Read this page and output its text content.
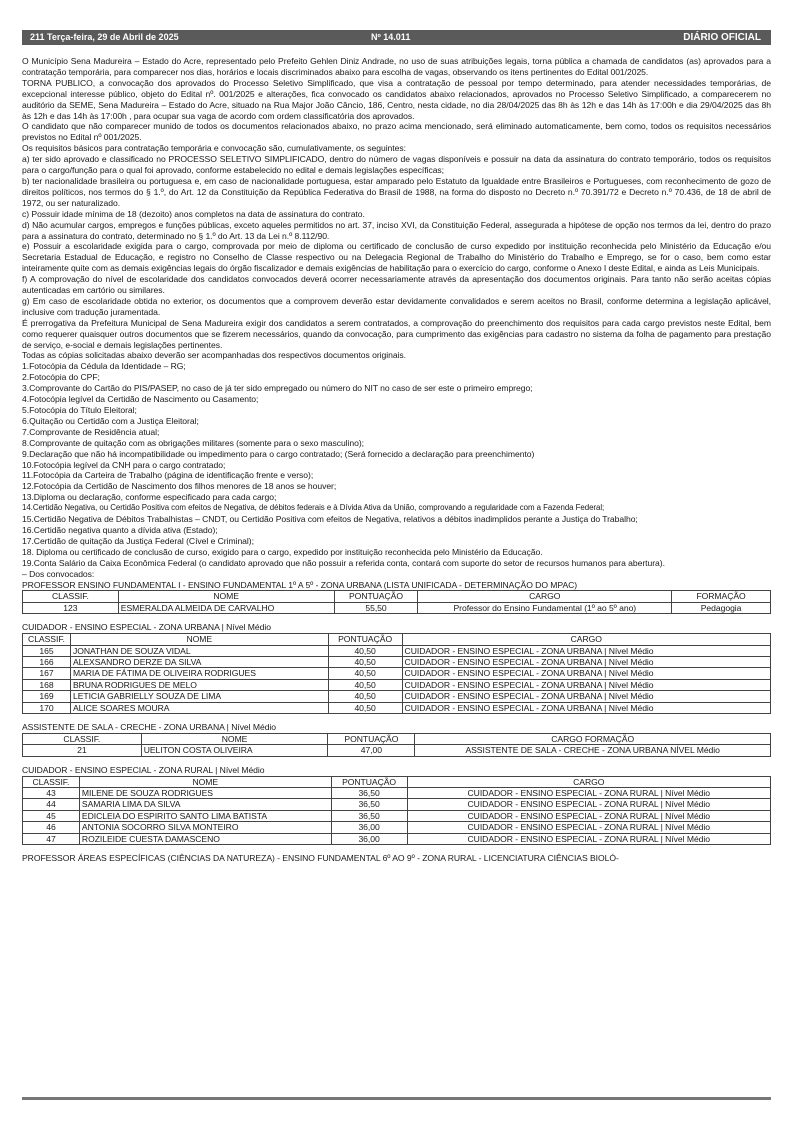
211 Terça-feira, 29 de Abril de 2025	Nº 14.011	DIÁRIO OFICIAL

O Município Sena Madureira – Estado do Acre, representado pelo Prefeito Gehlen Diniz Andrade, no uso de suas atribuições legais, torna pública a chamada de candidatos (as) aprovados para a contratação temporária, para comparecer nos dias, horários e locais discriminados abaixo para escolha de vagas, observando os itens pertinentes do Edital 001/2025.

TORNA PUBLICO, a convocação dos aprovados do Processo Seletivo Simplificado, que visa a contratação de pessoal por tempo determinado, para atender necessidades temporárias, de excepcional interesse público, objeto do Edital nº. 001/2025 e alterações, fica convocado os candidatos abaixo relacionados, aprovados no Processo Seletivo Simplificado, a comparecerem no auditório da SEME, Sena Madureira – Estado do Acre, situado na Rua Major João Câncio, 186, Centro, nesta cidade, no dia 28/04/2025 das 8h às 12h e das 14h às 17:00h e dia 29/04/2025 das 8h às 12h e das 14h às 17:00h , para ocupar sua vaga de acordo com ordem classificatória dos aprovados.

O candidato que não comparecer munido de todos os documentos relacionados abaixo, no prazo acima mencionado, será eliminado automaticamente, bem como, todos os requisitos necessários previstos no Edital nº 001/2025.

Os requisitos básicos para contratação temporária e convocação são, cumulativamente, os seguintes:

a) ter sido aprovado e classificado no PROCESSO SELETIVO SIMPLIFICADO, dentro do número de vagas disponíveis e possuir na data da assinatura do contrato temporário, todos os requisitos para o cargo/função para o qual foi aprovado, conforme estabelecido no edital e demais legislações específicas;

b) ter nacionalidade brasileira ou portuguesa e, em caso de nacionalidade portuguesa, estar amparado pelo Estatuto da Igualdade entre Brasileiros e Portugueses, com reconhecimento de gozo de direitos políticos, nos termos do § 1.º, do Art. 12 da Constituição da República Federativa do Brasil de 1988, na forma do disposto no Decreto n.º 70.391/72 e Decreto n.º 70.436, de 18 de abril de 1972, ou ser naturalizado.

c) Possuir idade mínima de 18 (dezoito) anos completos na data de assinatura do contrato.

d) Não acumular cargos, empregos e funções públicas, exceto aqueles permitidos no art. 37, inciso XVI, da Constituição Federal, assegurada a hipótese de opção nos termos da lei, dentro do prazo para a assinatura do contrato, determinado no § 1.º do Art. 13 da Lei n.º 8.112/90.

e) Possuir a escolaridade exigida para o cargo, comprovada por meio de diploma ou certificado de conclusão de curso expedido por instituição reconhecida pelo Ministério da Educação e/ou Secretaria Estadual de Educação, e registro no Conselho de Classe respectivo ou na Delegacia Regional de Trabalho do Ministério do Trabalho e Emprego, se for o caso, bem como estar inteiramente quite com as demais exigências legais do órgão fiscalizador e demais exigências de habilitação para o exercício do cargo, conforme o Anexo I deste Edital, e ainda as Leis Municipais.

f) A comprovação do nível de escolaridade dos candidatos convocados deverá ocorrer necessariamente através da apresentação dos documentos originais. Para tanto não serão aceitas cópias autenticadas em cartório ou similares.

g) Em caso de escolaridade obtida no exterior, os documentos que a comprovem deverão estar devidamente convalidados e serem aceitos no Brasil, conforme determina a legislação aplicável, inclusive com tradução juramentada.

É prerrogativa da Prefeitura Municipal de Sena Madureira exigir dos candidatos a serem contratados, a comprovação do preenchimento dos requisitos para cada cargo previstos neste Edital, bem como requerer quaisquer outros documentos que se fizerem necessários, quando da convocação, para cumprimento das exigências para cadastro no sistema da folha de pagamento para prestação de serviço, e-social e demais legislações pertinentes.

Todas as cópias solicitadas abaixo deverão ser acompanhadas dos respectivos documentos originais.

1.Fotocópia da Cédula da Identidade – RG;

2.Fotocópia do CPF;

3.Comprovante do Cartão do PIS/PASEP, no caso de já ter sido empregado ou número do NIT no caso de ser este o primeiro emprego;

4.Fotocópia legível da Certidão de Nascimento ou Casamento;

5.Fotocópia do Título Eleitoral;

6.Quitação ou Certidão com a Justiça Eleitoral;

7.Comprovante de Residência atual;

8.Comprovante de quitação com as obrigações militares (somente para o sexo masculino);

9.Declaração que não há incompatibilidade ou impedimento para o cargo contratado; (Será fornecido a declaração para preenchimento)

10.Fotocópia legível da CNH para o cargo contratado;

11.Fotocópia da Carteira de Trabalho (página de identificação frente e verso);

12.Fotocópia da Certidão de Nascimento dos filhos menores de 18 anos se houver;

13.Diploma ou declaração, conforme especificado para cada cargo;

14.Certidão Negativa, ou Certidão Positiva com efeitos de Negativa, de débitos federais e à Dívida Ativa da União, comprovando a regularidade com a Fazenda Federal;

15.Certidão Negativa de Débitos Trabalhistas – CNDT, ou Certidão Positiva com efeitos de Negativa, relativos a débitos inadimplidos perante a Justiça do Trabalho;

16.Certidão negativa quanto a dívida ativa (Estado);

17.Certidão de quitação da Justiça Federal (Cível e Criminal);

18. Diploma ou certificado de conclusão de curso, exigido para o cargo, expedido por instituição reconhecida pelo Ministério da Educação.

19.Conta Salário da Caixa Econômica Federal (o candidato aprovado que não possuir a referida conta, contará com suporte do setor de recursos humanos para abertura).

– Dos convocados:

PROFESSOR ENSINO FUNDAMENTAL I - ENSINO FUNDAMENTAL 1º A 5º - ZONA URBANA (LISTA UNIFICADA - DETERMINAÇÃO DO MPAC)
CLASSIF.	NOME	PONTUAÇÃO	CARGO	FORMAÇÃO
123	ESMERALDA ALMEIDA DE CARVALHO	55,50	Professor do Ensino Fundamental (1º ao 5º ano)	Pedagogia
CUIDADOR - ENSINO ESPECIAL - ZONA URBANA | Nível Médio
CLASSIF.	NOME	PONTUAÇÃO	CARGO
165	JONATHAN DE SOUZA VIDAL	40,50	CUIDADOR - ENSINO ESPECIAL - ZONA URBANA | Nível Médio
166	ALEXSANDRO DERZE DA SILVA	40,50	CUIDADOR - ENSINO ESPECIAL - ZONA URBANA | Nível Médio
167	MARIA DE FÁTIMA DE OLIVEIRA RODRIGUES	40,50	CUIDADOR - ENSINO ESPECIAL - ZONA URBANA | Nível Médio
168	BRUNA RODRIGUES DE MELO	40,50	CUIDADOR - ENSINO ESPECIAL - ZONA URBANA | Nível Médio
169	LETICIA GABRIELLY SOUZA DE LIMA	40,50	CUIDADOR - ENSINO ESPECIAL - ZONA URBANA | Nível Médio
170	ALICE SOARES MOURA	40,50	CUIDADOR - ENSINO ESPECIAL - ZONA URBANA | Nível Médio
ASSISTENTE DE SALA - CRECHE - ZONA URBANA | Nível Médio
CLASSIF.	NOME	PONTUAÇÃO	CARGO FORMAÇÃO
21	UELITON COSTA OLIVEIRA	47,00	ASSISTENTE DE SALA - CRECHE - ZONA URBANA NÍVEL Médio
CUIDADOR - ENSINO ESPECIAL - ZONA RURAL | Nível Médio
CLASSIF.	NOME	PONTUAÇÃO	CARGO
43	MILENE DE SOUZA RODRIGUES	36,50	CUIDADOR - ENSINO ESPECIAL - ZONA RURAL | Nível Médio
44	SAMARIA LIMA DA SILVA	36,50	CUIDADOR - ENSINO ESPECIAL - ZONA RURAL | Nível Médio
45	EDICLEIA DO ESPIRITO SANTO LIMA BATISTA	36,50	CUIDADOR - ENSINO ESPECIAL - ZONA RURAL | Nível Médio
46	ANTONIA SOCORRO SILVA MONTEIRO	36,00	CUIDADOR - ENSINO ESPECIAL - ZONA RURAL | Nível Médio
47	ROZILEIDE CUESTA DAMASCENO	36,00	CUIDADOR - ENSINO ESPECIAL - ZONA RURAL | Nível Médio
PROFESSOR ÁREAS ESPECÍFICAS (CIÊNCIAS DA NATUREZA) - ENSINO FUNDAMENTAL 6º AO 9º - ZONA RURAL - LICENCIATURA CIÊNCIAS BIOLÓ-
